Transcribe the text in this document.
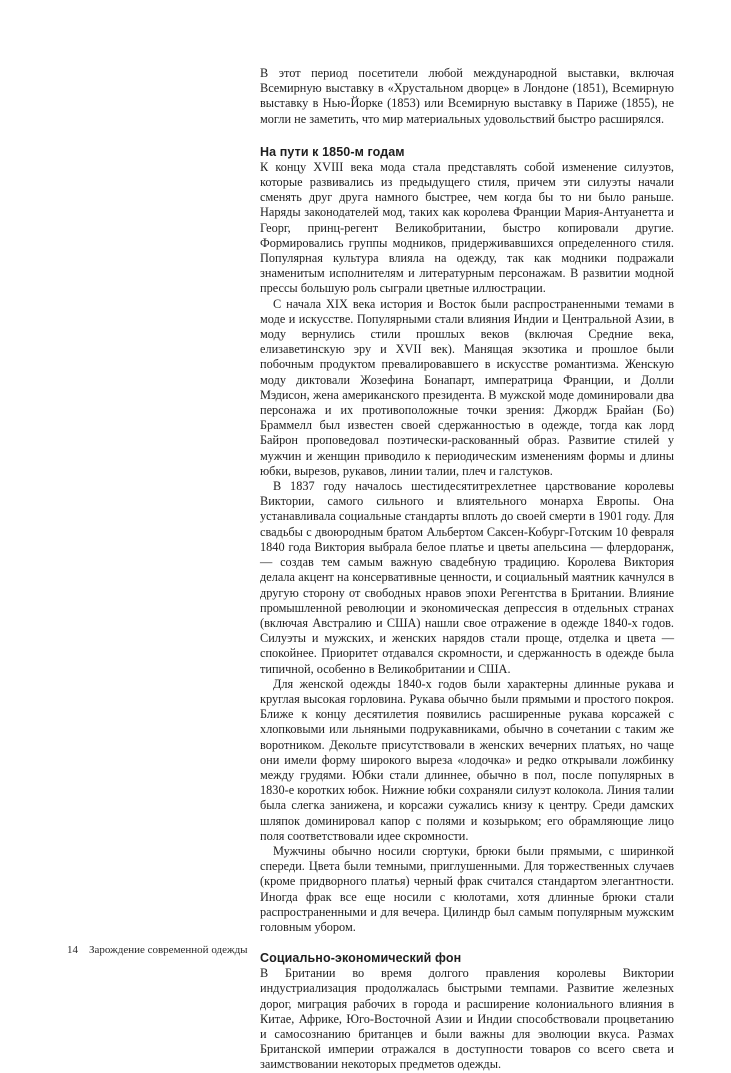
В этот период посетители любой международной выставки, включая Всемирную выставку в «Хрустальном дворце» в Лондоне (1851), Всемирную выставку в Нью-Йорке (1853) или Всемирную выставку в Париже (1855), не могли не заметить, что мир материальных удовольствий быстро расширялся.

На пути к 1850-м годам

К концу XVIII века мода стала представлять собой изменение силуэтов, которые развивались из предыдущего стиля, причем эти силуэты начали сменять друг друга намного быстрее, чем когда бы то ни было раньше. Наряды законодателей мод, таких как королева Франции Мария-Антуанетта и Георг, принц-регент Великобритании, быстро копировали другие. Формировались группы модников, придерживавшихся определенного стиля. Популярная культура влияла на одежду, так как модники подражали знаменитым исполнителям и литературным персонажам. В развитии модной прессы большую роль сыграли цветные иллюстрации.

С начала XIX века история и Восток были распространенными темами в моде и искусстве. Популярными стали влияния Индии и Центральной Азии, в моду вернулись стили прошлых веков (включая Средние века, елизаветинскую эру и XVII век). Манящая экзотика и прошлое были побочным продуктом превалировавшего в искусстве романтизма. Женскую моду диктовали Жозефина Бонапарт, императрица Франции, и Долли Мэдисон, жена американского президента. В мужской моде доминировали два персонажа и их противоположные точки зрения: Джордж Брайан (Бо) Браммелл был известен своей сдержанностью в одежде, тогда как лорд Байрон проповедовал поэтически-раскованный образ. Развитие стилей у мужчин и женщин приводило к периодическим изменениям формы и длины юбки, вырезов, рукавов, линии талии, плеч и галстуков.

В 1837 году началось шестидесятитрехлетнее царствование королевы Виктории, самого сильного и влиятельного монарха Европы. Она устанавливала социальные стандарты вплоть до своей смерти в 1901 году. Для свадьбы с двоюродным братом Альбертом Саксен-Кобург-Готским 10 февраля 1840 года Виктория выбрала белое платье и цветы апельсина — флердоранж, — создав тем самым важную свадебную традицию. Королева Виктория делала акцент на консервативные ценности, и социальный маятник качнулся в другую сторону от свободных нравов эпохи Регентства в Британии. Влияние промышленной революции и экономическая депрессия в отдельных странах (включая Австралию и США) нашли свое отражение в одежде 1840-х годов. Силуэты и мужских, и женских нарядов стали проще, отделка и цвета — спокойнее. Приоритет отдавался скромности, и сдержанность в одежде была типичной, особенно в Великобритании и США.

Для женской одежды 1840-х годов были характерны длинные рукава и круглая высокая горловина. Рукава обычно были прямыми и простого покроя. Ближе к концу десятилетия появились расширенные рукава корсажей с хлопковыми или льняными подрукавниками, обычно в сочетании с таким же воротником. Декольте присутствовали в женских вечерних платьях, но чаще они имели форму широкого выреза «лодочка» и редко открывали ложбинку между грудями. Юбки стали длиннее, обычно в пол, после популярных в 1830-е коротких юбок. Нижние юбки сохраняли силуэт колокола. Линия талии была слегка занижена, и корсажи сужались книзу к центру. Среди дамских шляпок доминировал капор с полями и козырьком; его обрамляющие лицо поля соответствовали идее скромности.

Мужчины обычно носили сюртуки, брюки были прямыми, с ширинкой спереди. Цвета были темными, приглушенными. Для торжественных случаев (кроме придворного платья) черный фрак считался стандартом элегантности. Иногда фрак все еще носили с кюлотами, хотя длинные брюки стали распространенными и для вечера. Цилиндр был самым популярным мужским головным убором.

Социально-экономический фон

В Британии во время долгого правления королевы Виктории индустриализация продолжалась быстрыми темпами. Развитие железных дорог, миграция рабочих в города и расширение колониального влияния в Китае, Африке, Юго-Восточной Азии и Индии способствовали процветанию и самосознанию британцев и были важны для эволюции вкуса. Размах Британской империи отражался в доступности товаров со всего света и заимствовании некоторых предметов одежды.

14 Зарождение современной одежды
